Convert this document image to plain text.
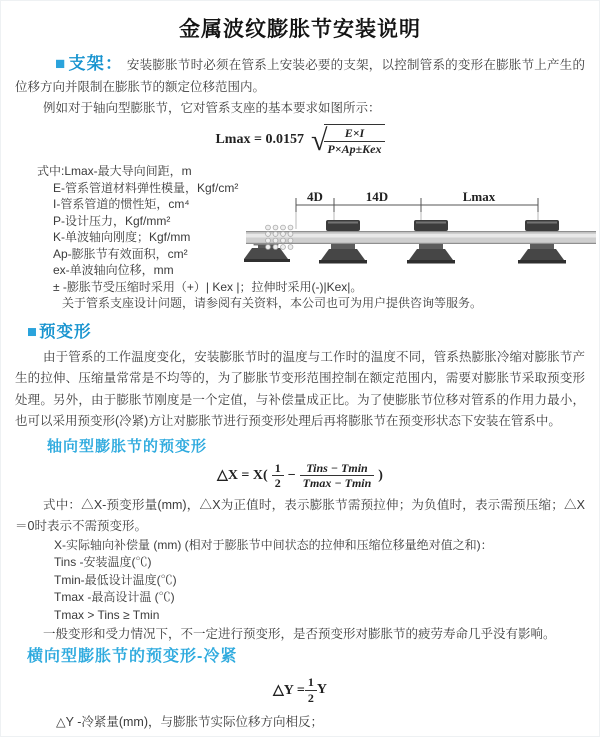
金属波纹膨胀节安装说明

■ 支架： 安装膨胀节时必须在管系上安装必要的支架，以控制管系的变形在膨胀节上产生的位移方向并限制在膨胀节的额定位移范围内。

例如对于轴向型膨胀节，它对管系支座的基本要求如图所示：

Lmax = 0.0157 √
$\frac{E\times I}{\text{P×Ap±Kex}}$
式中:Lmax-最大导向间距，m
E-管系管道材料弹性模量，Kgf/cm²
I-管系管道的惯性矩，cm⁴
P-设计压力，Kgf/mm²
K-单波轴向刚度；Kgf/mm
Ap-膨胀节有效面积，cm²
ex-单波轴向位移，mm
± -膨胀节受压缩时采用（+）| Kex |；拉伸时采用(-)|Kex|。
关于管系支座设计问题，请参阅有关资料，本公司也可为用户提供咨询等服务。
4D	14D	Lmax
■预变形

由于管系的工作温度变化，安装膨胀节时的温度与工作时的温度不同，管系热膨胀冷缩对膨胀节产生的拉伸、压缩量常常是不均等的，为了膨胀节变形范围控制在额定范围内，需要对膨胀节采取预变形处理。另外，由于膨胀节刚度是一个定值，与补偿量成正比。为了使膨胀节位移对管系的作用力最小，也可以采用预变形(冷紧)方让对膨胀节进行预变形处理后再将膨胀节在预变形状态下安装在管系中。

轴向型膨胀节的预变形
△X = $X( \frac{1}{2} - \frac{\text{Tins − Tmin}}{Tmax - Tmin}$ )

式中：△X-预变形量(mm)，△X为正值时，表示膨胀节需预拉伸；为负值时，表示需预压缩；△X＝0时表示不需预变形。

X-实际轴向补偿量 (mm) (相对于膨胀节中间状态的拉伸和压缩位移量绝对值之和)：
Tins -安装温度(℃)
Tmin-最低设计温度(℃)
Tmax -最高设计温 (℃)
Tmax > Tins ≥ Tmin

一般变形和受力情况下，不一定进行预变形，是否预变形对膨胀节的疲劳寿命几乎没有影响。

横向型膨胀节的预变形-冷紧
△Y = $\frac{1}{2}$ Y
△Y -冷紧量(mm)，与膨胀节实际位移方向相反；
